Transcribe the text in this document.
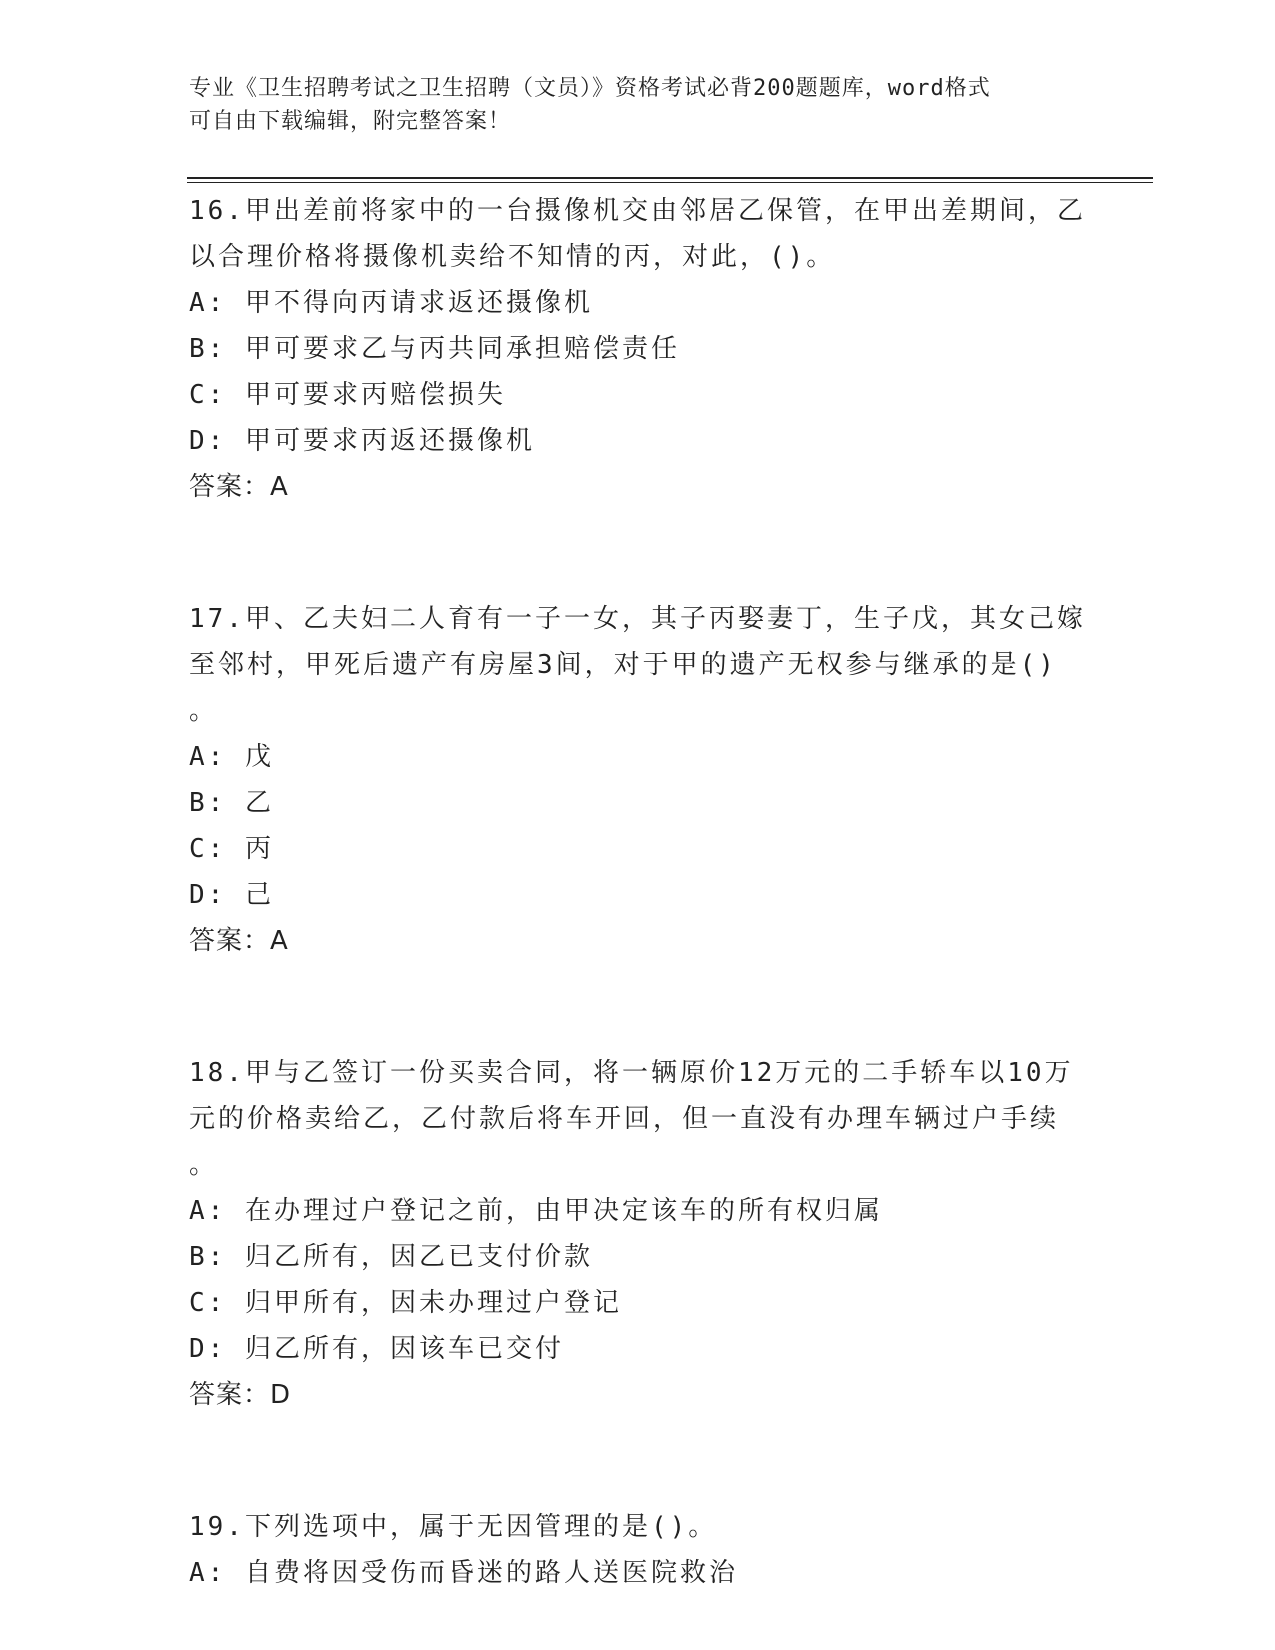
专业《卫生招聘考试之卫生招聘（文员）》资格考试必背200题题库，word格式

可自由下载编辑，附完整答案！

16.甲出差前将家中的一台摄像机交由邻居乙保管，在甲出差期间，乙
以合理价格将摄像机卖给不知情的丙，对此，()。
A: 甲不得向丙请求返还摄像机
B: 甲可要求乙与丙共同承担赔偿责任
C: 甲可要求丙赔偿损失
D: 甲可要求丙返还摄像机
答案：A
17.甲、乙夫妇二人育有一子一女，其子丙娶妻丁，生子戊，其女己嫁
至邻村，甲死后遗产有房屋3间，对于甲的遗产无权参与继承的是()
。
A: 戊
B: 乙
C: 丙
D: 己
答案：A
18.甲与乙签订一份买卖合同，将一辆原价12万元的二手轿车以10万
元的价格卖给乙，乙付款后将车开回，但一直没有办理车辆过户手续
。
A: 在办理过户登记之前，由甲决定该车的所有权归属
B: 归乙所有，因乙已支付价款
C: 归甲所有，因未办理过户登记
D: 归乙所有，因该车已交付
答案：D
19.下列选项中，属于无因管理的是()。
A: 自费将因受伤而昏迷的路人送医院救治
